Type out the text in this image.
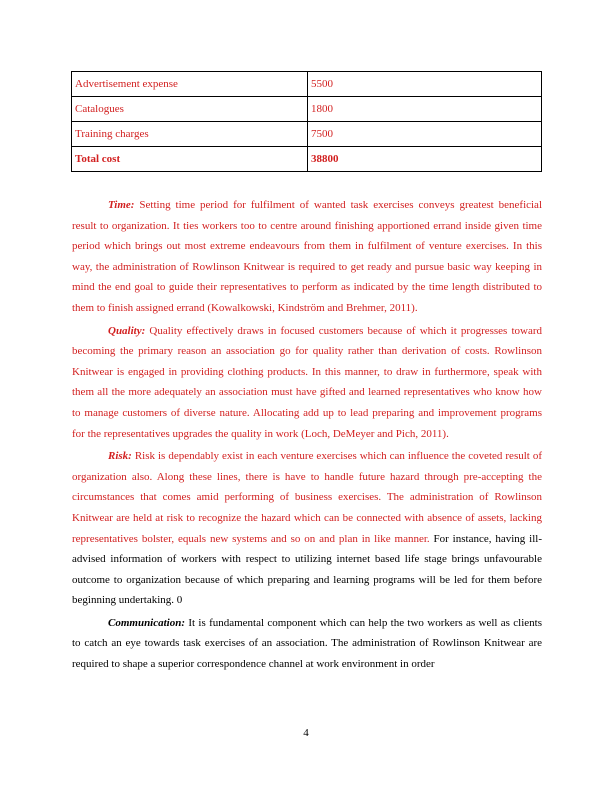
Advertisement expense	5500
Catalogues	1800
Training charges	7500
Total cost	38800

Time: Setting time period for fulfilment of wanted task exercises conveys greatest beneficial result to organization. It ties workers too to centre around finishing apportioned errand inside given time period which brings out most extreme endeavours from them in fulfilment of venture exercises. In this way, the administration of Rowlinson Knitwear is required to get ready and pursue basic way keeping in mind the end goal to guide their representatives to perform as indicated by the time length distributed to them to finish assigned errand (Kowalkowski, Kindström and Brehmer, 2011).

Quality: Quality effectively draws in focused customers because of which it progresses toward becoming the primary reason an association go for quality rather than derivation of costs. Rowlinson Knitwear is engaged in providing clothing products. In this manner, to draw in furthermore, speak with them all the more adequately an association must have gifted and learned representatives who know how to manage customers of diverse nature. Allocating add up to lead preparing and improvement programs for the representatives upgrades the quality in work (Loch, DeMeyer and Pich, 2011).

Risk: Risk is dependably exist in each venture exercises which can influence the coveted result of organization also. Along these lines, there is have to handle future hazard through pre-accepting the circumstances that comes amid performing of business exercises. The administration of Rowlinson Knitwear are held at risk to recognize the hazard which can be connected with absence of assets, lacking representatives bolster, equals new systems and so on and plan in like manner. For instance, having ill-advised information of workers with respect to utilizing internet based life stage brings unfavourable outcome to organization because of which preparing and learning programs will be led for them before beginning undertaking. 0

Communication: It is fundamental component which can help the two workers as well as clients to catch an eye towards task exercises of an association. The administration of Rowlinson Knitwear are required to shape a superior correspondence channel at work environment in order

4
